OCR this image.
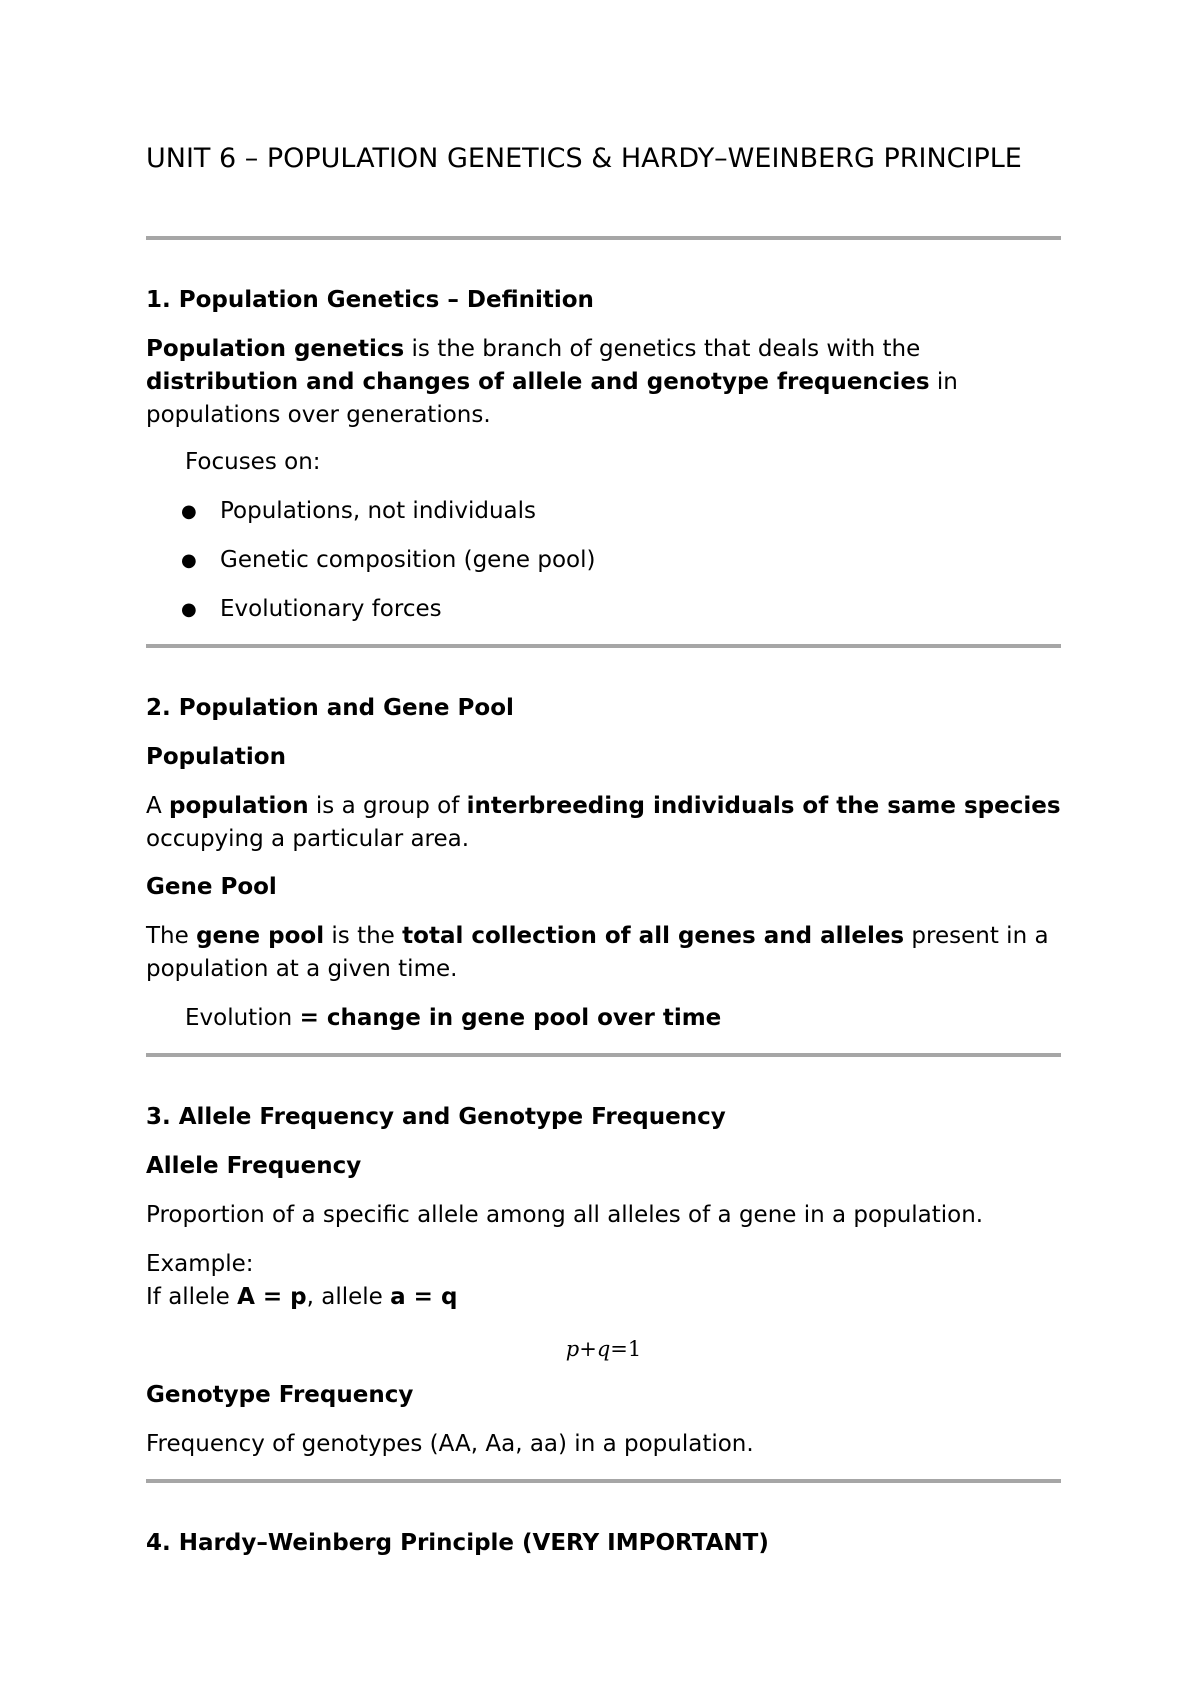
UNIT 6 – POPULATION GENETICS & HARDY–WEINBERG PRINCIPLE
1. Population Genetics – Definition
Population genetics is the branch of genetics that deals with the distribution and changes of allele and genotype frequencies in populations over generations.
Focuses on:
● Populations, not individuals
● Genetic composition (gene pool)
● Evolutionary forces
2. Population and Gene Pool
Population
A population is a group of interbreeding individuals of the same species occupying a particular area.
Gene Pool
The gene pool is the total collection of all genes and alleles present in a population at a given time.
Evolution = change in gene pool over time
3. Allele Frequency and Genotype Frequency
Allele Frequency
Proportion of a specific allele among all alleles of a gene in a population.
Example:
If allele A = p, allele a = q
p+q=1
Genotype Frequency
Frequency of genotypes (AA, Aa, aa) in a population.
4. Hardy–Weinberg Principle (VERY IMPORTANT)
